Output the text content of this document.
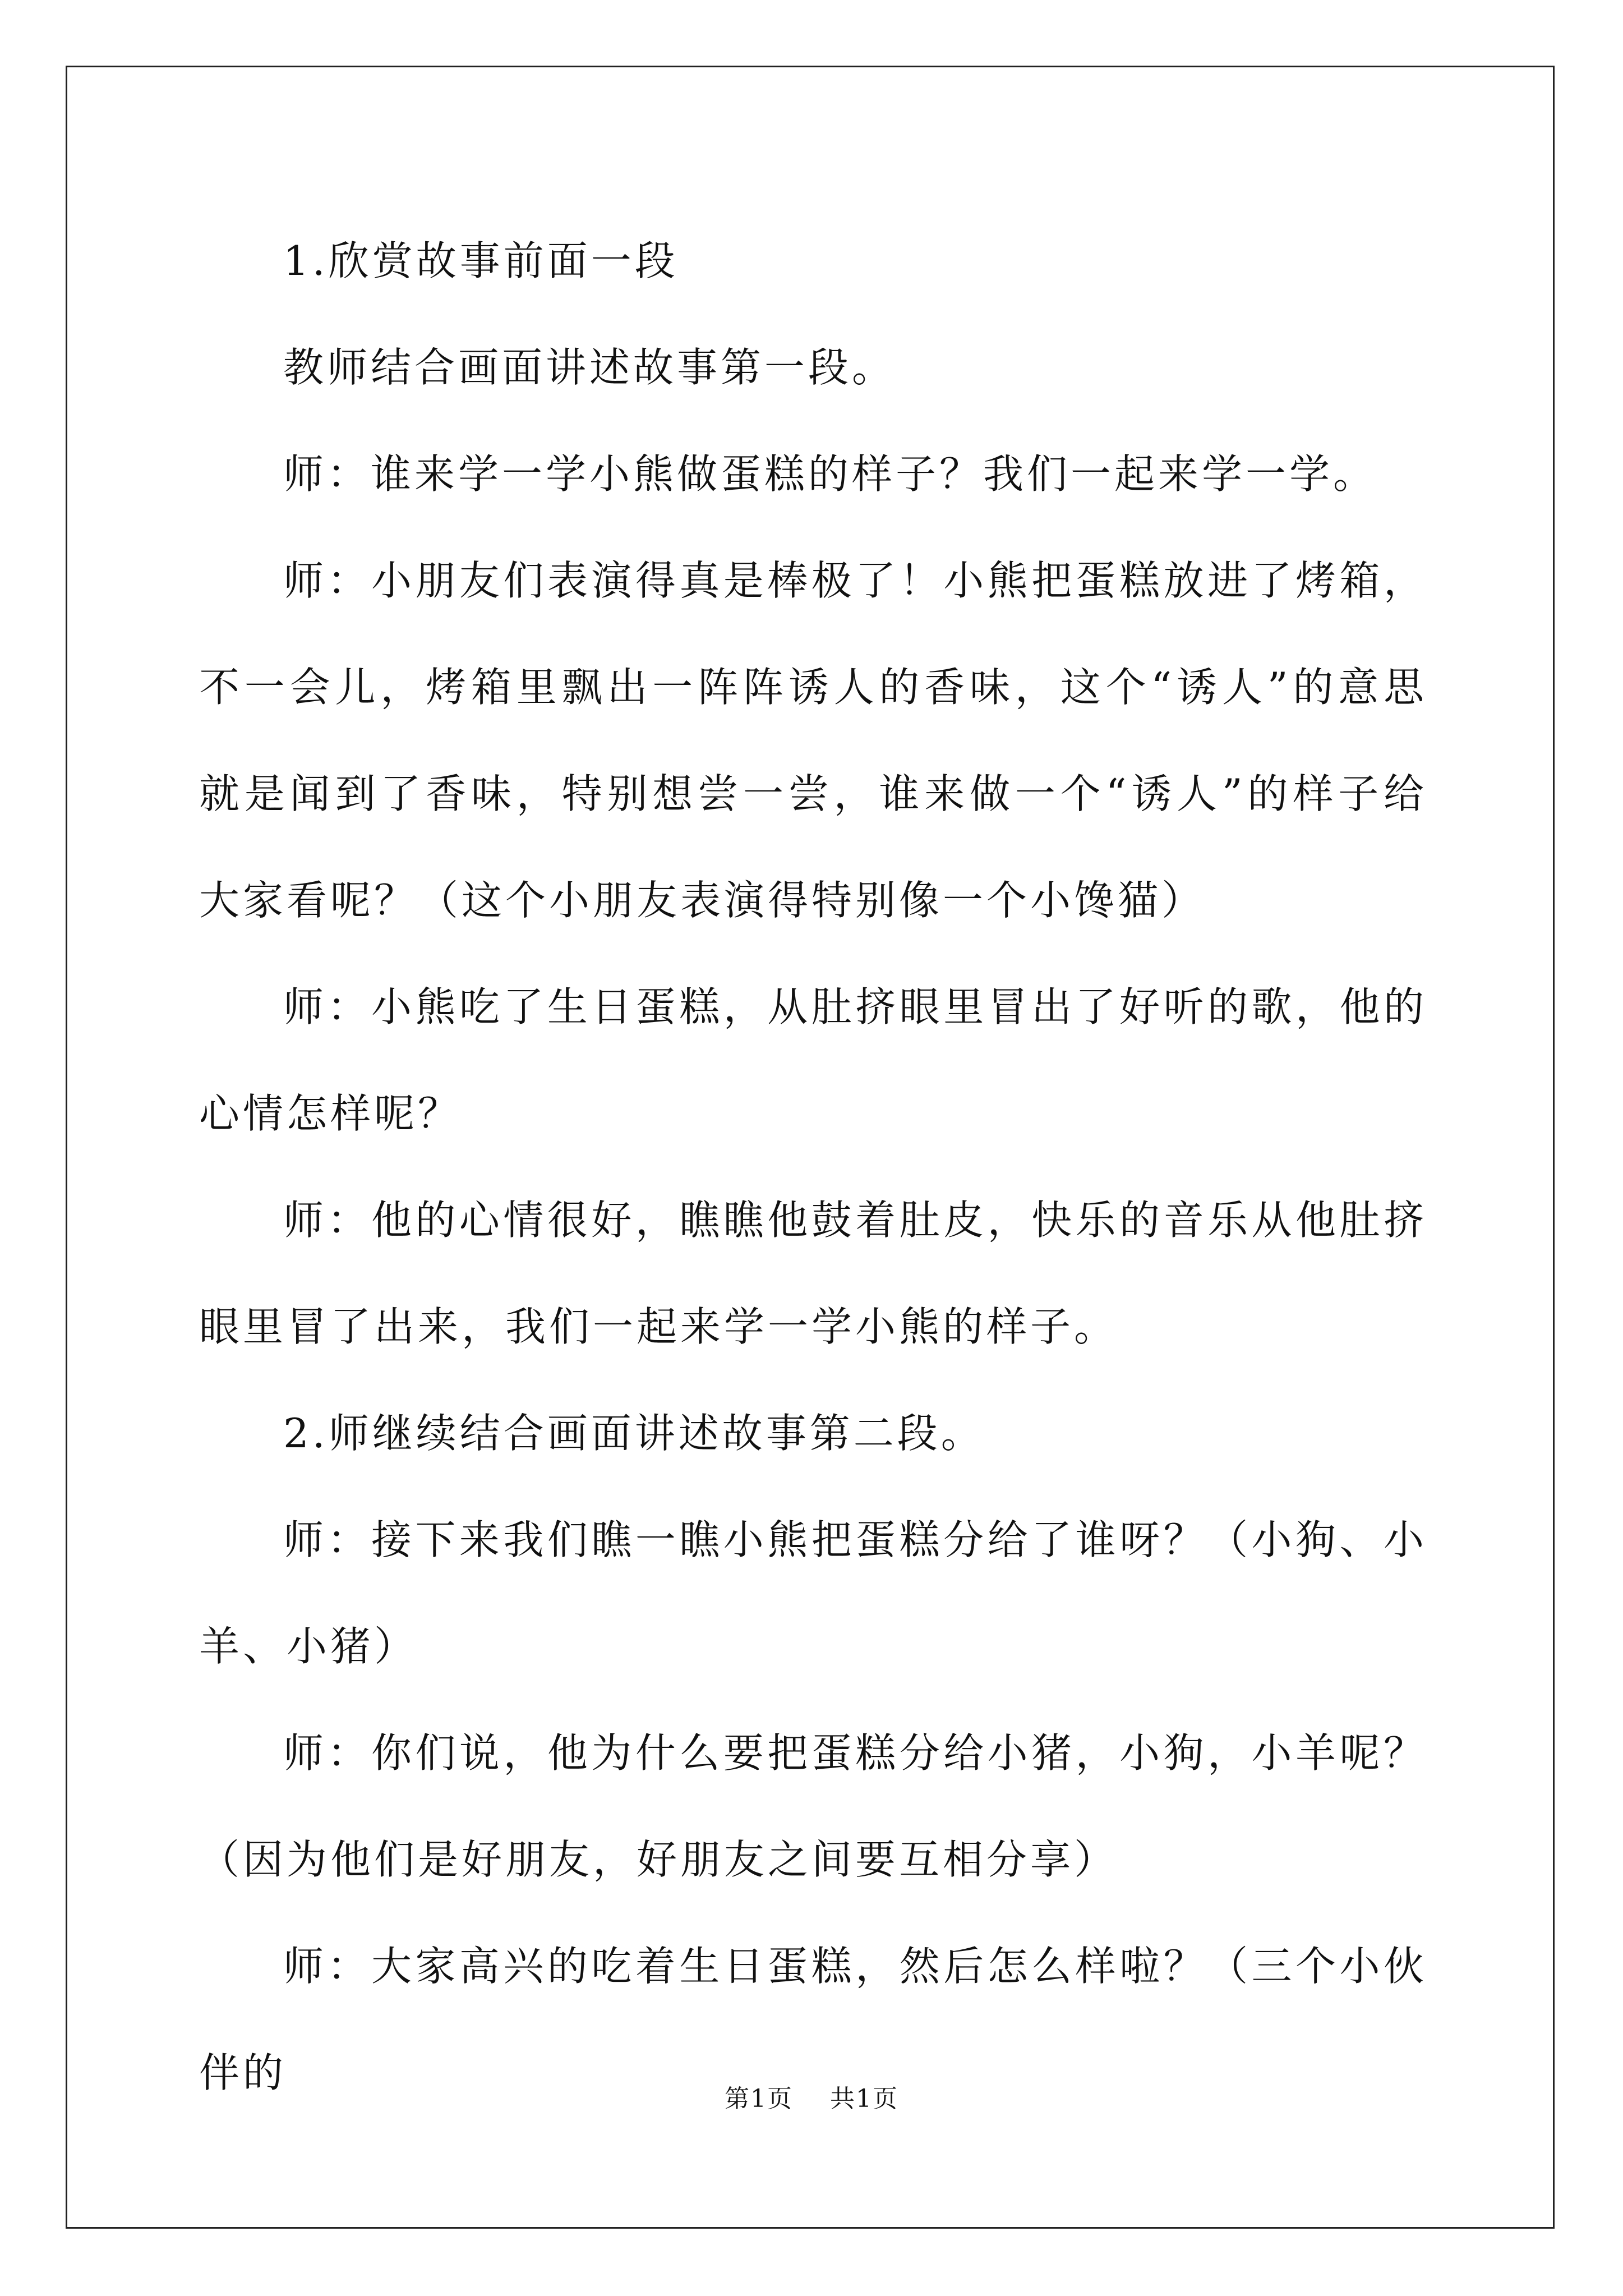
1.欣赏故事前面一段

教师结合画面讲述故事第一段。

师：谁来学一学小熊做蛋糕的样子？我们一起来学一学。

师：小朋友们表演得真是棒极了！小熊把蛋糕放进了烤箱，不一会儿，烤箱里飘出一阵阵诱人的香味，这个“诱人”的意思就是闻到了香味，特别想尝一尝，谁来做一个“诱人”的样子给大家看呢？（这个小朋友表演得特别像一个小馋猫）

师：小熊吃了生日蛋糕，从肚挤眼里冒出了好听的歌，他的心情怎样呢？

师：他的心情很好，瞧瞧他鼓着肚皮，快乐的音乐从他肚挤眼里冒了出来，我们一起来学一学小熊的样子。

2.师继续结合画面讲述故事第二段。

师：接下来我们瞧一瞧小熊把蛋糕分给了谁呀？（小狗、小羊、小猪）

师：你们说，他为什么要把蛋糕分给小猪，小狗，小羊呢？（因为他们是好朋友，好朋友之间要互相分享）

师：大家高兴的吃着生日蛋糕，然后怎么样啦？（三个小伙伴的

第1页 共1页
